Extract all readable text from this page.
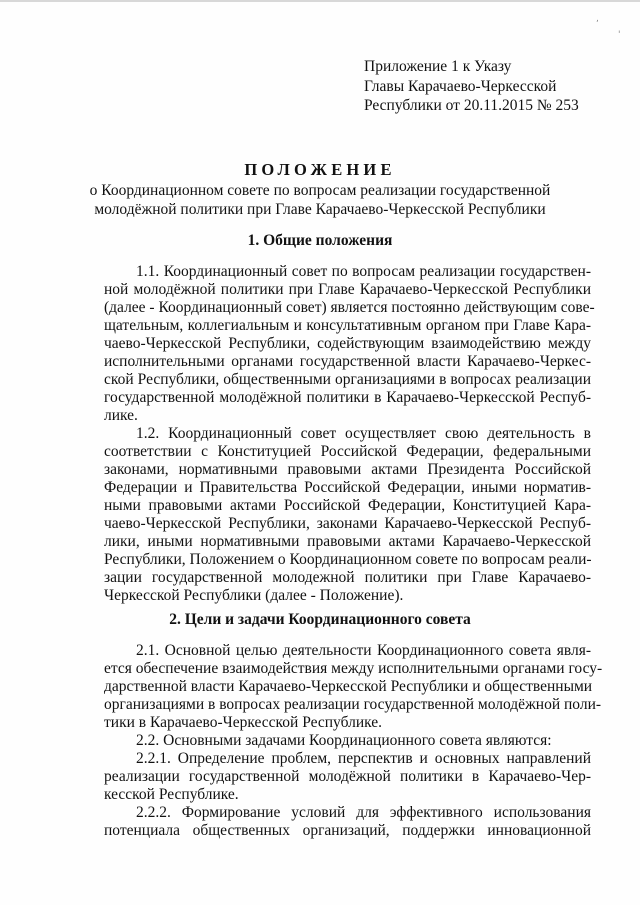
,
'
Приложение 1 к Указу
Главы Карачаево-Черкесской
Республики от 20.11.2015 № 253
ПОЛОЖЕНИЕ
о Координационном совете по вопросам реализации государственной
молодёжной политики при Главе Карачаево-Черкесской Республики
1. Общие положения
1.1. Координационный совет по вопросам реализации государствен-
ной молодёжной политики при Главе Карачаево-Черкесской Республики
(далее - Координационный совет) является постоянно действующим сове-
щательным, коллегиальным и консультативным органом при Главе Кара-
чаево-Черкесской Республики, содействующим взаимодействию между
исполнительными органами государственной власти Карачаево-Черкес-
ской Республики, общественными организациями в вопросах реализации
государственной молодёжной политики в Карачаево-Черкесской Респуб-
лике.
1.2. Координационный совет осуществляет свою деятельность в
соответствии с Конституцией Российской Федерации, федеральными
законами, нормативными правовыми актами Президента Российской
Федерации и Правительства Российской Федерации, иными норматив-
ными правовыми актами Российской Федерации, Конституцией Кара-
чаево-Черкесской Республики, законами Карачаево-Черкесской Респуб-
лики, иными нормативными правовыми актами Карачаево-Черкесской
Республики, Положением о Координационном совете по вопросам реали-
зации государственной молодежной политики при Главе Карачаево-
Черкесской Республики (далее - Положение).
2. Цели и задачи Координационного совета
2.1. Основной целью деятельности Координационного совета явля-
ется обеспечение взаимодействия между исполнительными органами госу-
дарственной власти Карачаево-Черкесской Республики и общественными
организациями в вопросах реализации государственной молодёжной поли-
тики в Карачаево-Черкесской Республике.
2.2. Основными задачами Координационного совета являются:
2.2.1. Определение проблем, перспектив и основных направлений
реализации государственной молодёжной политики в Карачаево-Чер-
кесской Республике.
2.2.2. Формирование условий для эффективного использования
потенциала общественных организаций, поддержки инновационной
